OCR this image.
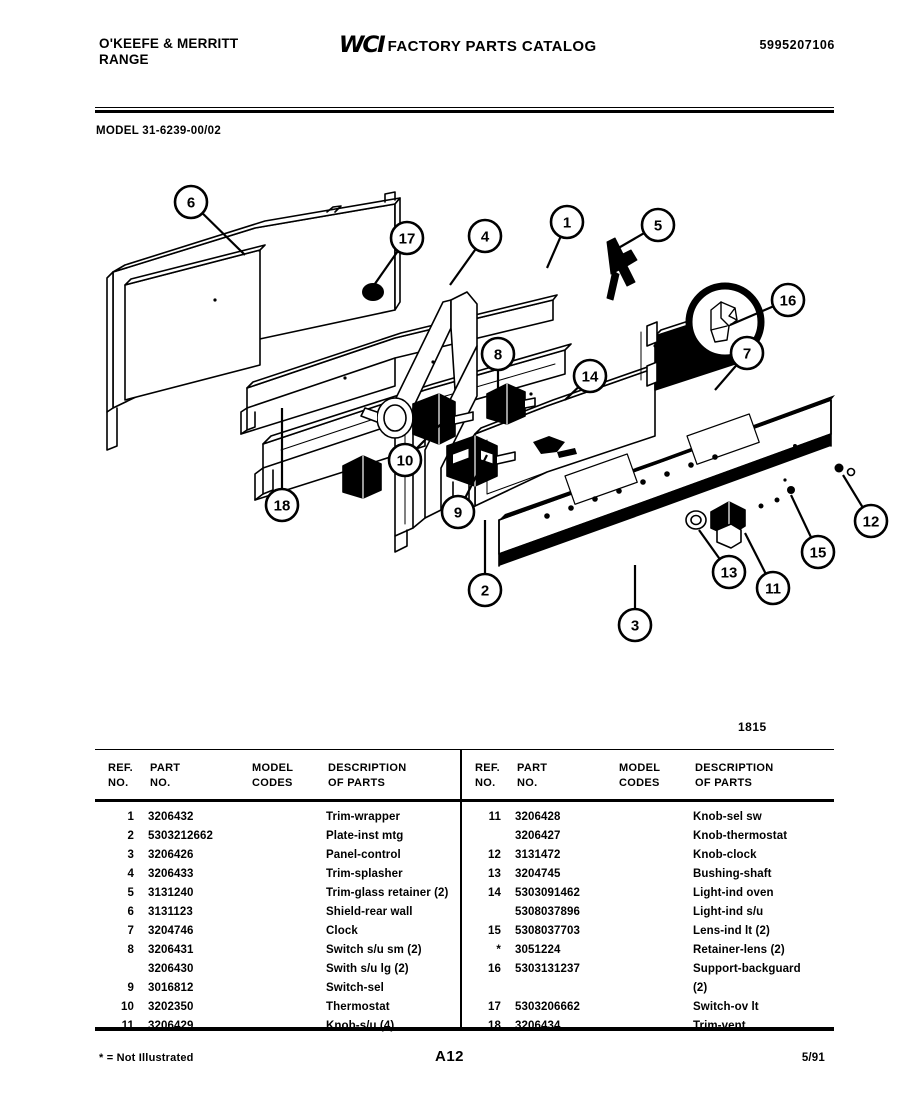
O'KEEFE & MERRITT
RANGE
WCI FACTORY PARTS CATALOG	5995207106
MODEL 31-6239-00/02
6
17	4
1	5
16
14
8	7
10
9
18
2
3
13
11
15
12
1815
REF.
NO.
PART
NO.
MODEL
CODES
DESCRIPTION
OF PARTS
1 3206432	Trim-wrapper
2 5303212662	Plate-inst mtg
3 3206426	Panel-control
4 3206433	Trim-splasher
5 3131240	Trim-glass retainer (2)
6 3131123	Shield-rear wall
7 3204746	Clock
8 3206431	Switch s/u sm (2)
3206430	Swith s/u lg (2)
9 3016812	Switch-sel
10 3202350	Thermostat
11 3206429	Knob-s/u (4)
REF.
NO.
PART
NO.
MODEL
CODES
DESCRIPTION
OF PARTS
11 3206428	Knob-sel sw
3206427	Knob-thermostat
12 3131472	Knob-clock
13 3204745	Bushing-shaft
14 5303091462	Light-ind oven
5308037896	Light-ind s/u
15 5308037703	Lens-ind lt (2)
* 3051224	Retainer-lens (2)
16 5303131237	Support-backguard
(2)
17 5303206662	Switch-ov lt
18 3206434	Trim-vent
* = Not Illustrated	A12	5/91
